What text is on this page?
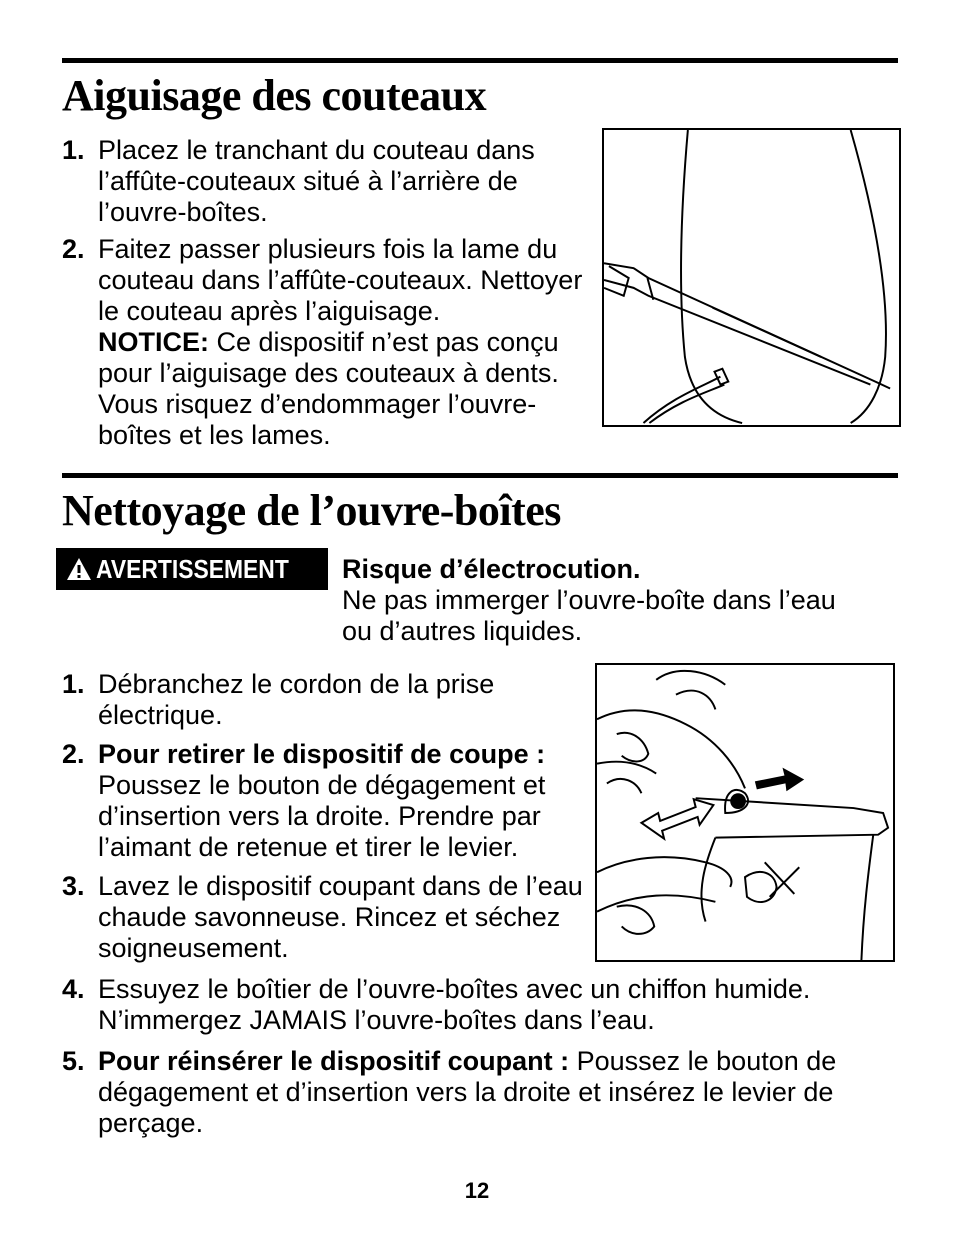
Aiguisage des couteaux
1. Placez le tranchant du couteau dans l’affûte-couteaux situé à l’arrière de l’ouvre-boîtes.
2. Faitez passer plusieurs fois la lame du couteau dans l’affûte-couteaux. Nettoyer le couteau après l’aiguisage.
NOTICE: Ce dispositif n’est pas conçu pour l’aiguisage des couteaux à dents. Vous risquez d’endommager l’ouvre-boîtes et les lames.
Nettoyage de l’ouvre-boîtes
AVERTISSEMENT Risque d’électrocution.
Ne pas immerger l’ouvre-boîte dans l’eau ou d’autres liquides.
1. Débranchez le cordon de la prise électrique.
2. Pour retirer le dispositif de coupe : Poussez le bouton de dégagement et d’insertion vers la droite. Prendre par l’aimant de retenue et tirer le levier.
3. Lavez le dispositif coupant dans de l’eau chaude savonneuse. Rincez et séchez soigneusement.
4. Essuyez le boîtier de l’ouvre-boîtes avec un chiffon humide. N’immergez JAMAIS l’ouvre-boîtes dans l’eau.
5. Pour réinsérer le dispositif coupant : Poussez le bouton de dégagement et d’insertion vers la droite et insérez le levier de perçage.
12
